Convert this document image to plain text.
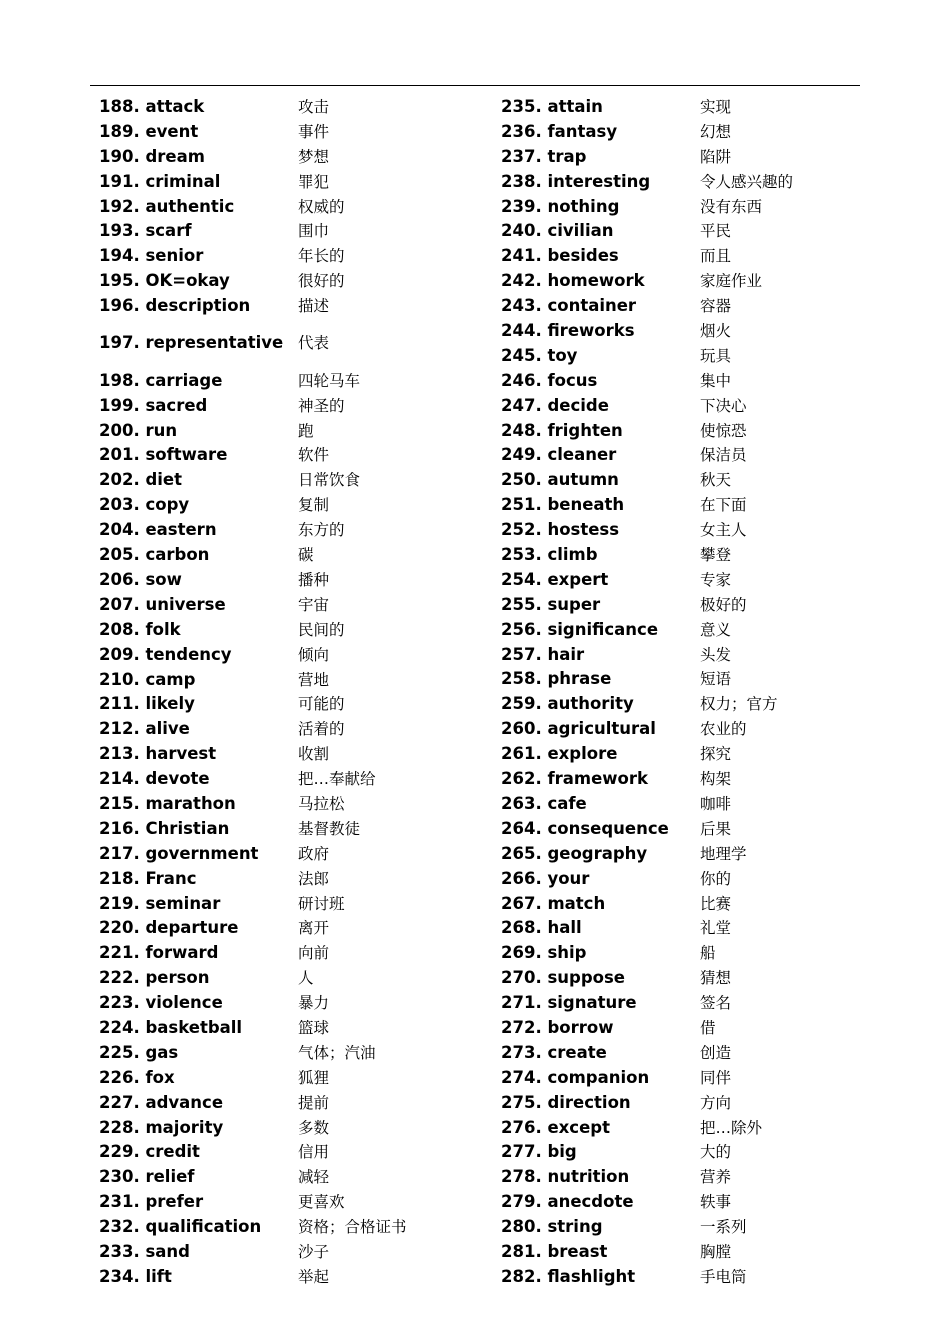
188. attack	攻击
189. event	事件
190. dream	梦想
191. criminal	罪犯
192. authentic	权威的
193. scarf	围巾
194. senior	年长的
195. OK=okay	很好的
196. description	描述
197. representative 代表
198. carriage	四轮马车
199. sacred	神圣的
200. run	跑
201. software	软件
202. diet	日常饮食
203. copy	复制
204. eastern	东方的
205. carbon	碳
206. sow	播种
207. universe	宇宙
208. folk	民间的
209. tendency	倾向
210. camp	营地
211. likely	可能的
212. alive	活着的
213. harvest	收割
214. devote	把…奉献给
215. marathon	马拉松
216. Christian	基督教徒
217. government	政府
218. Franc	法郎
219. seminar	研讨班
220. departure	离开
221. forward	向前
222. person	人
223. violence	暴力
224. basketball	篮球
225. gas	气体；汽油
226. fox	狐狸
227. advance	提前
228. majority	多数
229. credit	信用
230. relief	减轻
231. prefer	更喜欢
232. qualification	资格；合格证书
233. sand	沙子
234. lift	举起
235. attain	实现
236. fantasy	幻想
237. trap	陷阱
238. interesting	令人感兴趣的
239. nothing	没有东西
240. civilian	平民
241. besides	而且
242. homework	家庭作业
243. container	容器
244. fireworks	烟火
245. toy	玩具
246. focus	集中
247. decide	下决心
248. frighten	使惊恐
249. cleaner	保洁员
250. autumn	秋天
251. beneath	在下面
252. hostess	女主人
253. climb	攀登
254. expert	专家
255. super	极好的
256. significance	意义
257. hair	头发
258. phrase	短语
259. authority	权力；官方
260. agricultural	农业的
261. explore	探究
262. framework	构架
263. cafe	咖啡
264. consequence	后果
265. geography	地理学
266. your	你的
267. match	比赛
268. hall	礼堂
269. ship	船
270. suppose	猜想
271. signature	签名
272. borrow	借
273. create	创造
274. companion	同伴
275. direction	方向
276. except	把…除外
277. big	大的
278. nutrition	营养
279. anecdote	轶事
280. string	一系列
281. breast	胸膛
282. flashlight	手电筒
